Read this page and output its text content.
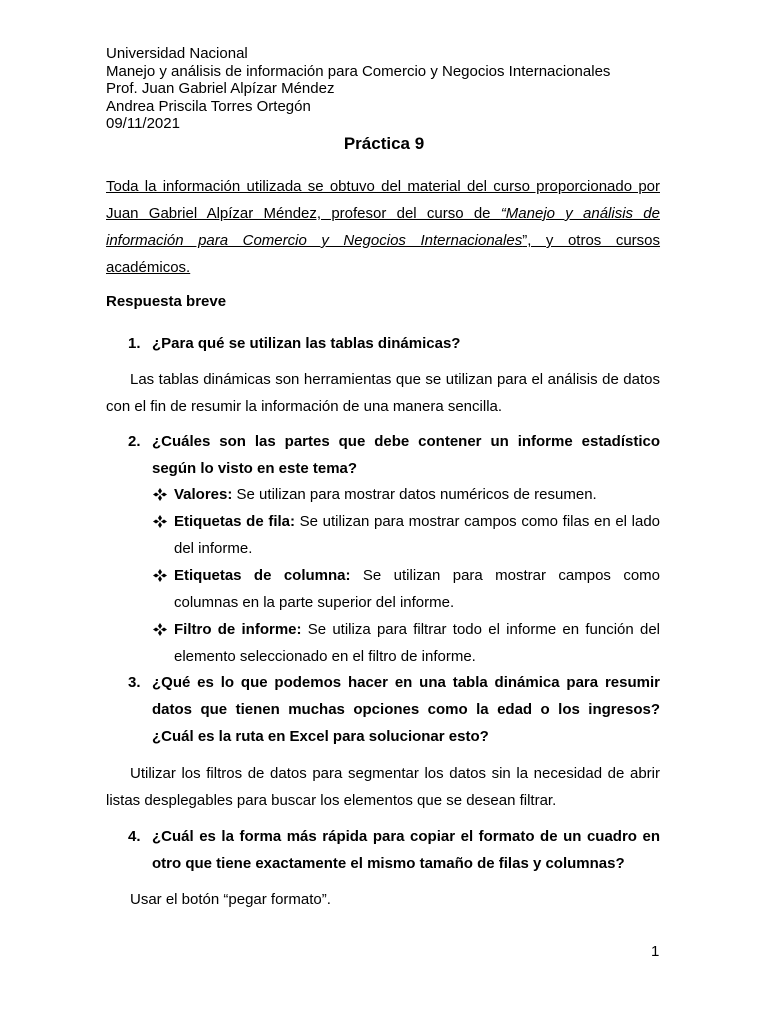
Universidad Nacional
Manejo y análisis de información para Comercio y Negocios Internacionales
Prof. Juan Gabriel Alpízar Méndez
Andrea Priscila Torres Ortegón
09/11/2021
Práctica 9
Toda la información utilizada se obtuvo del material del curso proporcionado por Juan Gabriel Alpízar Méndez, profesor del curso de “Manejo y análisis de información para Comercio y Negocios Internacionales”, y otros cursos académicos.
Respuesta breve
1. ¿Para qué se utilizan las tablas dinámicas?
Las tablas dinámicas son herramientas que se utilizan para el análisis de datos con el fin de resumir la información de una manera sencilla.
2. ¿Cuáles son las partes que debe contener un informe estadístico según lo visto en este tema?
Valores: Se utilizan para mostrar datos numéricos de resumen.
Etiquetas de fila: Se utilizan para mostrar campos como filas en el lado del informe.
Etiquetas de columna: Se utilizan para mostrar campos como columnas en la parte superior del informe.
Filtro de informe: Se utiliza para filtrar todo el informe en función del elemento seleccionado en el filtro de informe.
3. ¿Qué es lo que podemos hacer en una tabla dinámica para resumir datos que tienen muchas opciones como la edad o los ingresos? ¿Cuál es la ruta en Excel para solucionar esto?
Utilizar los filtros de datos para segmentar los datos sin la necesidad de abrir listas desplegables para buscar los elementos que se desean filtrar.
4. ¿Cuál es la forma más rápida para copiar el formato de un cuadro en otro que tiene exactamente el mismo tamaño de filas y columnas?
Usar el botón “pegar formato”.
1
